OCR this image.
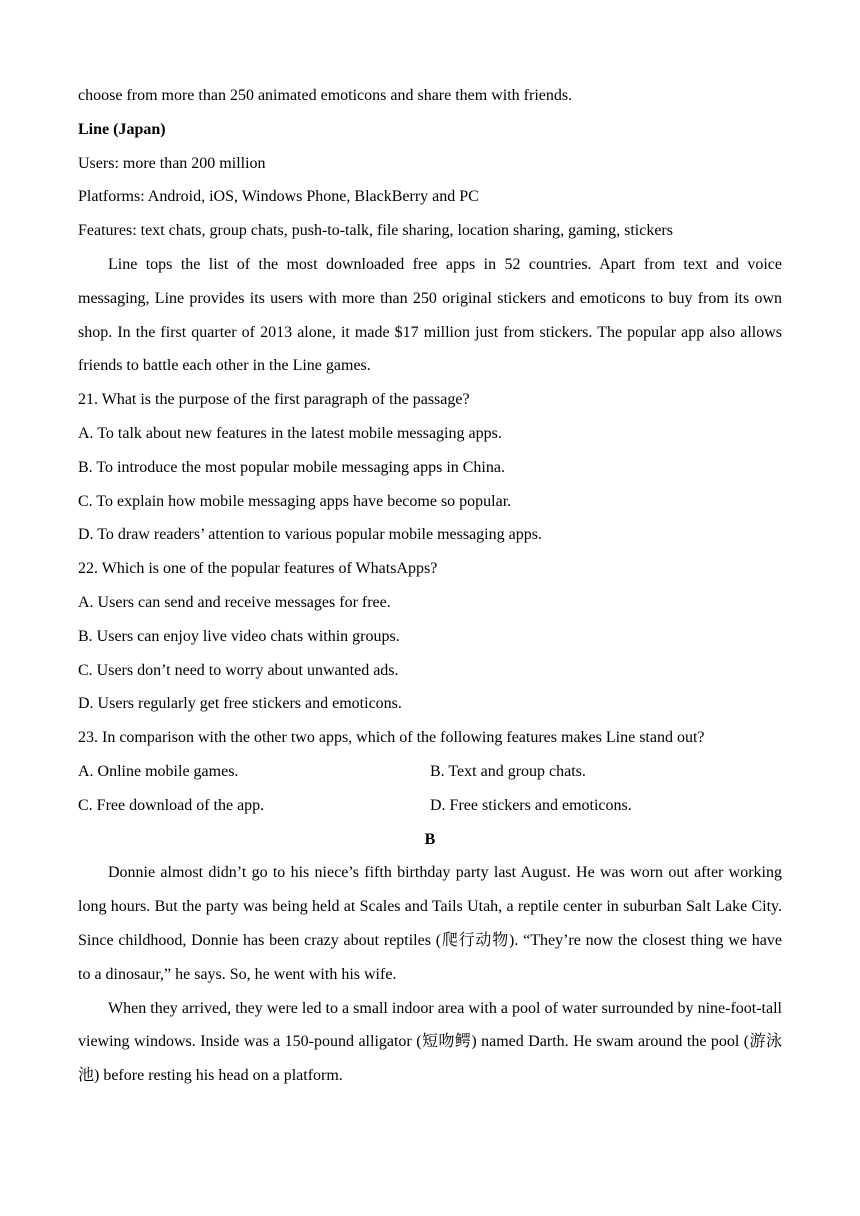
choose from more than 250 animated emoticons and share them with friends.
Line (Japan)
Users: more than 200 million
Platforms: Android, iOS, Windows Phone, BlackBerry and PC
Features: text chats, group chats, push-to-talk, file sharing, location sharing, gaming, stickers
Line tops the list of the most downloaded free apps in 52 countries. Apart from text and voice messaging, Line provides its users with more than 250 original stickers and emoticons to buy from its own shop. In the first quarter of 2013 alone, it made $17 million just from stickers. The popular app also allows friends to battle each other in the Line games.
21. What is the purpose of the first paragraph of the passage?
A. To talk about new features in the latest mobile messaging apps.
B. To introduce the most popular mobile messaging apps in China.
C. To explain how mobile messaging apps have become so popular.
D. To draw readers’ attention to various popular mobile messaging apps.
22. Which is one of the popular features of WhatsApps?
A. Users can send and receive messages for free.
B. Users can enjoy live video chats within groups.
C. Users don’t need to worry about unwanted ads.
D. Users regularly get free stickers and emoticons.
23. In comparison with the other two apps, which of the following features makes Line stand out?
A. Online mobile games.	B. Text and group chats.
C. Free download of the app.	D. Free stickers and emoticons.
B
Donnie almost didn’t go to his niece’s fifth birthday party last August. He was worn out after working long hours. But the party was being held at Scales and Tails Utah, a reptile center in suburban Salt Lake City. Since childhood, Donnie has been crazy about reptiles (爬行动物). “They’re now the closest thing we have to a dinosaur,” he says. So, he went with his wife.
When they arrived, they were led to a small indoor area with a pool of water surrounded by nine-foot-tall viewing windows. Inside was a 150-pound alligator (短吻鳄) named Darth. He swam around the pool (游泳池) before resting his head on a platform.
